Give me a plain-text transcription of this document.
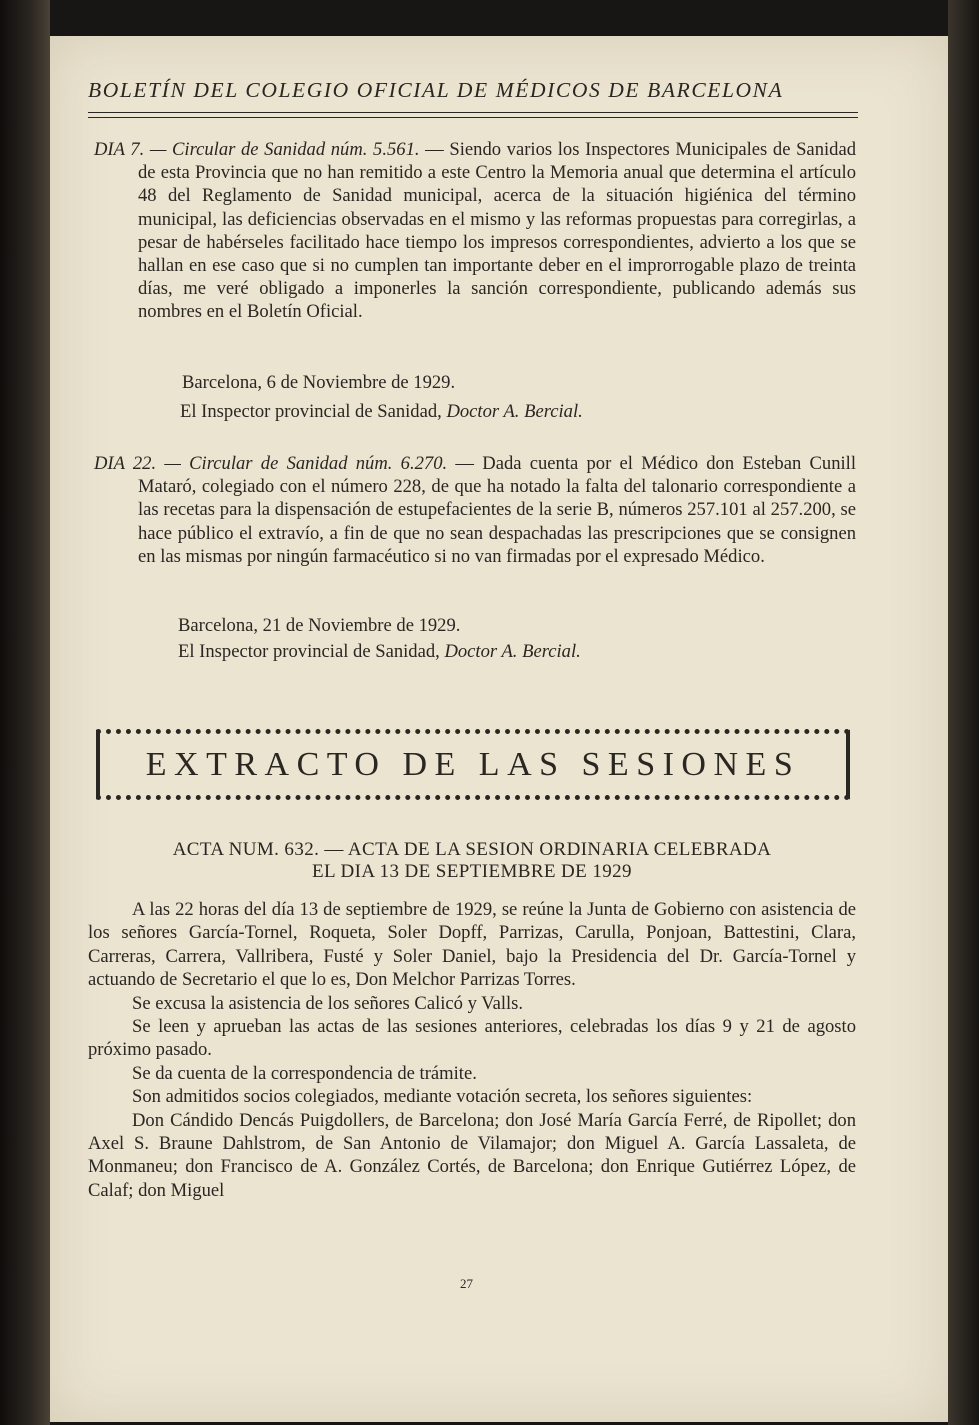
BOLETÍN DEL COLEGIO OFICIAL DE MÉDICOS DE BARCELONA
DIA 7. — Circular de Sanidad núm. 5.561. — Siendo varios los Inspectores Municipales de Sanidad de esta Provincia que no han remitido a este Centro la Memoria anual que determina el artículo 48 del Reglamento de Sanidad municipal, acerca de la situación higiénica del término municipal, las deficiencias observadas en el mismo y las reformas propuestas para corregirlas, a pesar de habérseles facilitado hace tiempo los impresos correspondientes, advierto a los que se hallan en ese caso que si no cumplen tan importante deber en el improrrogable plazo de treinta días, me veré obligado a imponerles la sanción correspondiente, publicando además sus nombres en el Boletín Oficial.
Barcelona, 6 de Noviembre de 1929.
El Inspector provincial de Sanidad, Doctor A. Bercial.
DIA 22. — Circular de Sanidad núm. 6.270. — Dada cuenta por el Médico don Esteban Cunill Mataró, colegiado con el número 228, de que ha notado la falta del talonario correspondiente a las recetas para la dispensación de estupefacientes de la serie B, números 257.101 al 257.200, se hace público el extravío, a fin de que no sean despachadas las prescripciones que se consignen en las mismas por ningún farmacéutico si no van firmadas por el expresado Médico.
Barcelona, 21 de Noviembre de 1929.
El Inspector provincial de Sanidad, Doctor A. Bercial.
EXTRACTO DE LAS SESIONES
ACTA NUM. 632. — ACTA DE LA SESION ORDINARIA CELEBRADA
EL DIA 13 DE SEPTIEMBRE DE 1929

A las 22 horas del día 13 de septiembre de 1929, se reúne la Junta de Gobierno con asistencia de los señores García-Tornel, Roqueta, Soler Dopff, Parrizas, Carulla, Ponjoan, Battestini, Clara, Carreras, Carrera, Vallribera, Fusté y Soler Daniel, bajo la Presidencia del Dr. García-Tornel y actuando de Secretario el que lo es, Don Melchor Parrizas Torres.

Se excusa la asistencia de los señores Calicó y Valls.

Se leen y aprueban las actas de las sesiones anteriores, celebradas los días 9 y 21 de agosto próximo pasado.

Se da cuenta de la correspondencia de trámite.

Son admitidos socios colegiados, mediante votación secreta, los señores siguientes:

Don Cándido Dencás Puigdollers, de Barcelona; don José María García Ferré, de Ripollet; don Axel S. Braune Dahlstrom, de San Antonio de Vilamajor; don Miguel A. García Lassaleta, de Monmaneu; don Francisco de A. González Cortés, de Barcelona; don Enrique Gutiérrez López, de Calaf; don Miguel

27
